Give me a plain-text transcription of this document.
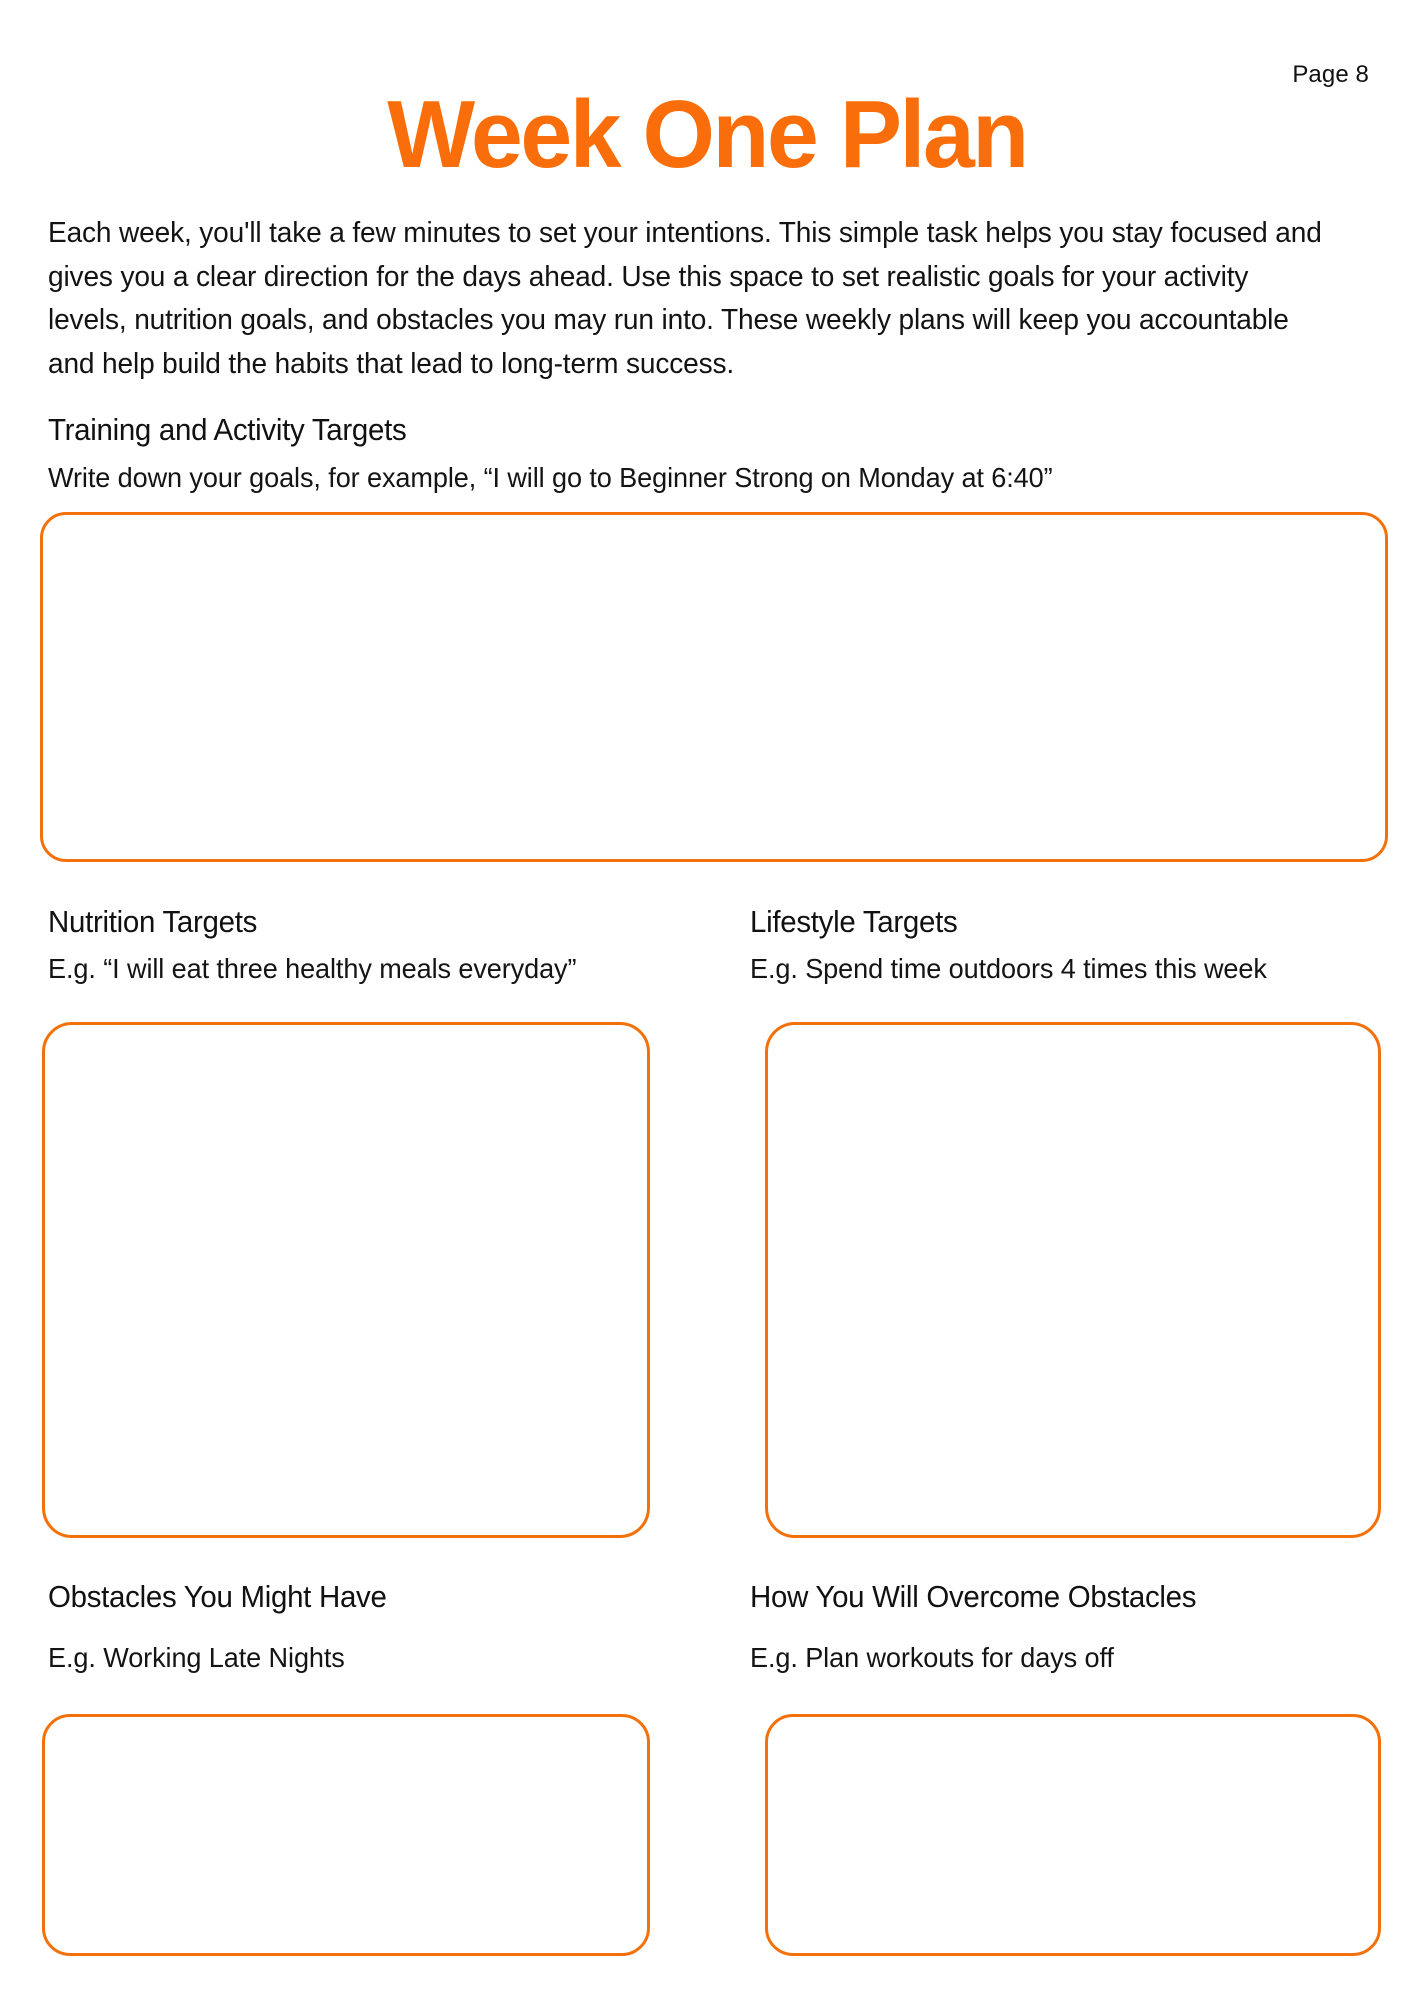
Page 8
Week One Plan

Each week, you'll take a few minutes to set your intentions. This simple task helps you stay focused and gives you a clear direction for the days ahead. Use this space to set realistic goals for your activity levels, nutrition goals, and obstacles you may run into. These weekly plans will keep you accountable and help build the habits that lead to long-term success.

Training and Activity Targets
Write down your goals, for example, “I will go to Beginner Strong on Monday at 6:40”
Nutrition Targets
E.g. “I will eat three healthy meals everyday”
Lifestyle Targets
E.g. Spend time outdoors 4 times this week
Obstacles You Might Have
E.g. Working Late Nights
How You Will Overcome Obstacles
E.g. Plan workouts for days off
